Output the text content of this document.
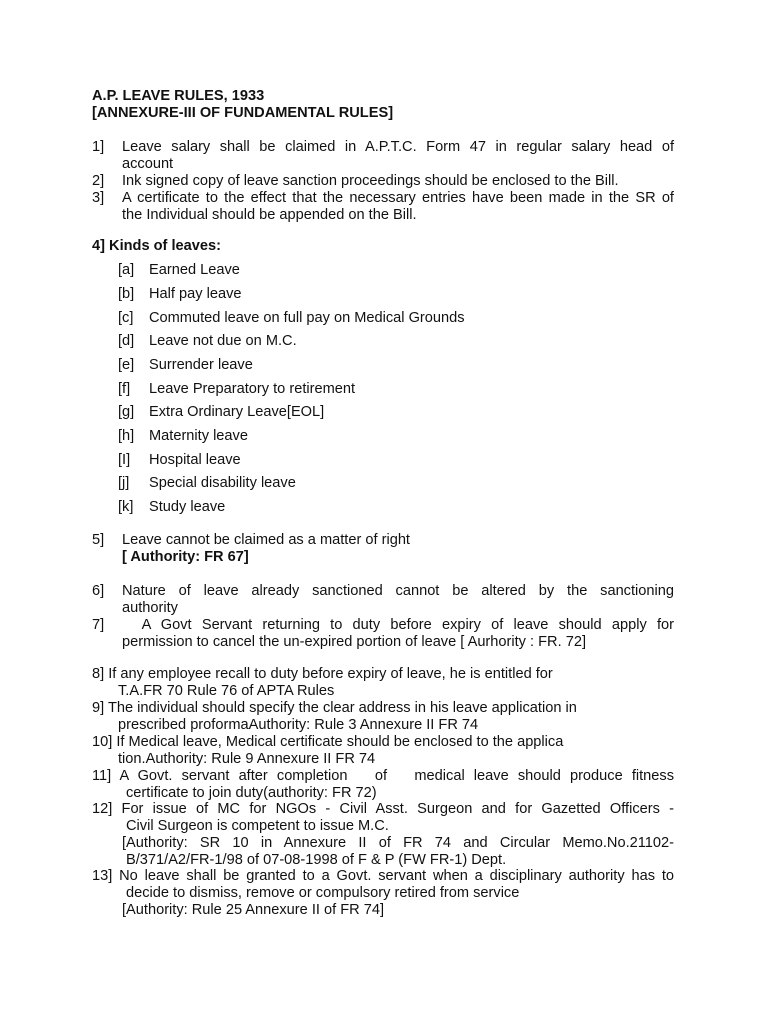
A.P. LEAVE RULES, 1933
[ANNEXURE-III OF FUNDAMENTAL RULES]
1]	Leave salary shall be claimed in A.P.T.C. Form 47 in regular salary head of
account
2]	Ink signed copy of leave sanction proceedings should be enclosed to the Bill.
3]	A certificate to the effect that the necessary entries have been made in the SR of
the Individual should be appended on the Bill.
4] Kinds of leaves:
[a]	Earned Leave
[b]	Half pay leave
[c]	Commuted leave on full pay on Medical Grounds
[d]	Leave not due on M.C.
[e]	Surrender leave
[f]	Leave Preparatory to retirement
[g]	Extra Ordinary Leave[EOL]
[h]	Maternity leave
[I]	Hospital leave
[j]	Special disability leave
[k]	Study leave
5]	Leave cannot be claimed as a matter of right
[ Authority: FR 67]
6]	Nature of leave already sanctioned cannot be altered by the sanctioning
authority
7]	A Govt Servant returning to duty before expiry of leave should apply for
permission to cancel the un-expired portion of leave [ Aurhority : FR. 72]
8] If any employee recall to duty before expiry of leave, he is entitled for
T.A.FR 70 Rule 76 of APTA Rules
9] The individual should specify the clear address in his leave application in
prescribed proformaAuthority: Rule 3 Annexure II FR 74
10] If Medical leave, Medical certificate should be enclosed to the applica
tion.Authority: Rule 9 Annexure II FR 74
11] A Govt. servant after completion   of   medical leave should produce fitness
certificate to join duty(authority: FR 72)
12] For issue of MC for NGOs - Civil Asst. Surgeon and for Gazetted Officers -
Civil Surgeon is competent to issue M.C.
[Authority: SR 10 in Annexure II of FR 74 and Circular Memo.No.21102-
B/371/A2/FR-1/98 of 07-08-1998 of F & P (FW FR-1) Dept.
13] No leave shall be granted to a Govt. servant when a disciplinary authority has to
decide to dismiss, remove or compulsory retired from service
[Authority: Rule 25 Annexure II of FR 74]
